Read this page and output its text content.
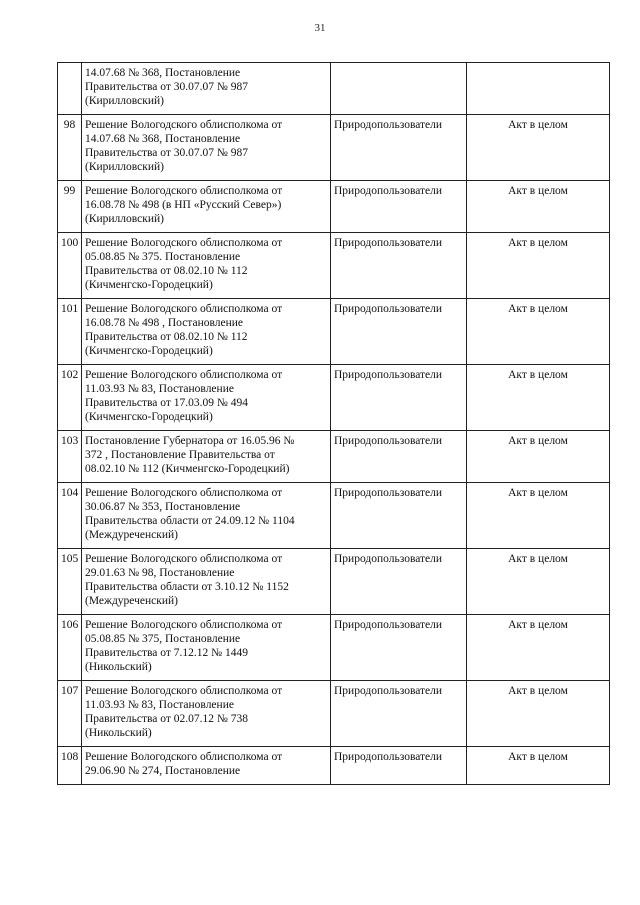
31

	14.07.68 № 368, Постановление
Правительства от 30.07.07 № 987
(Кирилловский)		

98	Решение Вологодского облисполкома от
14.07.68 № 368, Постановление
Правительства от 30.07.07 № 987
(Кирилловский)	Природопользователи	Акт в целом
99	Решение Вологодского облисполкома от
16.08.78 № 498 (в НП «Русский Север»)
(Кирилловский)	Природопользователи	Акт в целом
100	Решение Вологодского облисполкома от
05.08.85 № 375. Постановление
Правительства от 08.02.10 № 112
(Кичменгско-Городецкий)	Природопользователи	Акт в целом
101	Решение Вологодского облисполкома от
16.08.78 № 498 , Постановление
Правительства от 08.02.10 № 112
(Кичменгско-Городецкий)	Природопользователи	Акт в целом
102	Решение Вологодского облисполкома от
11.03.93 № 83, Постановление
Правительства от 17.03.09 № 494
(Кичменгско-Городецкий)	Природопользователи	Акт в целом
103	Постановление Губернатора от 16.05.96 №
372 , Постановление Правительства от
08.02.10 № 112 (Кичменгско-Городецкий)	Природопользователи	Акт в целом
104	Решение Вологодского облисполкома от
30.06.87 № 353, Постановление
Правительства области от 24.09.12 № 1104
(Междуреченский)	Природопользователи	Акт в целом
105	Решение Вологодского облисполкома от
29.01.63 № 98, Постановление
Правительства области от 3.10.12 № 1152
(Междуреченский)	Природопользователи	Акт в целом
106	Решение Вологодского облисполкома от
05.08.85 № 375, Постановление
Правительства от 7.12.12 № 1449
(Никольский)	Природопользователи	Акт в целом
107	Решение Вологодского облисполкома от
11.03.93 № 83, Постановление
Правительства от 02.07.12 № 738
(Никольский)	Природопользователи	Акт в целом
108	Решение Вологодского облисполкома от
29.06.90 № 274, Постановление	Природопользователи	Акт в целом
